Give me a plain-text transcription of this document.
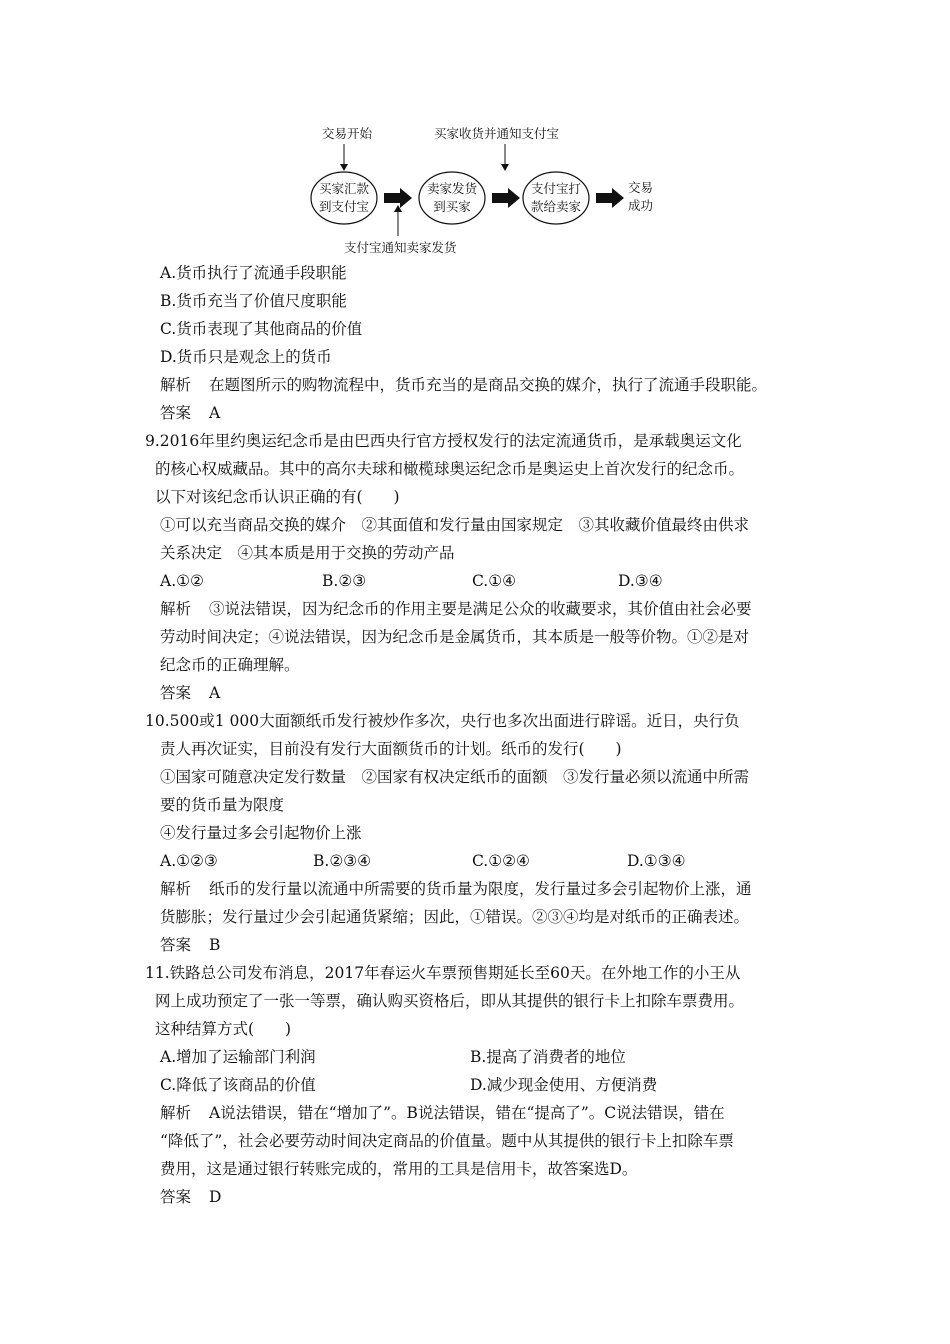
交易开始	买家收货并通知支付宝
买家汇款
到支付宝
卖家发货
到买家
支付宝打
款给卖家
交易
成功
支付宝通知卖家发货
A.货币执行了流通手段职能
B.货币充当了价值尺度职能
C.货币表现了其他商品的价值
D.货币只是观念上的货币
解析 在题图所示的购物流程中，货币充当的是商品交换的媒介，执行了流通手段职能。
答案 A
9.2016年里约奥运纪念币是由巴西央行官方授权发行的法定流通货币，是承载奥运文化
的核心权威藏品。其中的高尔夫球和橄榄球奥运纪念币是奥运史上首次发行的纪念币。
以下对该纪念币认识正确的有(　　)
①可以充当商品交换的媒介　②其面值和发行量由国家规定　③其收藏价值最终由供求
关系决定　④其本质是用于交换的劳动产品
A.①②	B.②③	C.①④	D.③④
解析 ③说法错误，因为纪念币的作用主要是满足公众的收藏要求，其价值由社会必要
劳动时间决定；④说法错误，因为纪念币是金属货币，其本质是一般等价物。①②是对
纪念币的正确理解。
答案 A
10.500或1 000大面额纸币发行被炒作多次，央行也多次出面进行辟谣。近日，央行负
责人再次证实，目前没有发行大面额货币的计划。纸币的发行(　　)
①国家可随意决定发行数量　②国家有权决定纸币的面额　③发行量必须以流通中所需
要的货币量为限度
④发行量过多会引起物价上涨
A.①②③	B.②③④	C.①②④	D.①③④
解析 纸币的发行量以流通中所需要的货币量为限度，发行量过多会引起物价上涨，通
货膨胀；发行量过少会引起通货紧缩；因此，①错误。②③④均是对纸币的正确表述。
答案 B
11.铁路总公司发布消息，2017年春运火车票预售期延长至60天。在外地工作的小王从
网上成功预定了一张一等票，确认购买资格后，即从其提供的银行卡上扣除车票费用。
这种结算方式(　　)
A.增加了运输部门利润	B.提高了消费者的地位
C.降低了该商品的价值	D.减少现金使用、方便消费
解析 A说法错误，错在“增加了”。B说法错误，错在“提高了”。C说法错误，错在
“降低了”，社会必要劳动时间决定商品的价值量。题中从其提供的银行卡上扣除车票
费用，这是通过银行转账完成的，常用的工具是信用卡，故答案选D。
答案 D
